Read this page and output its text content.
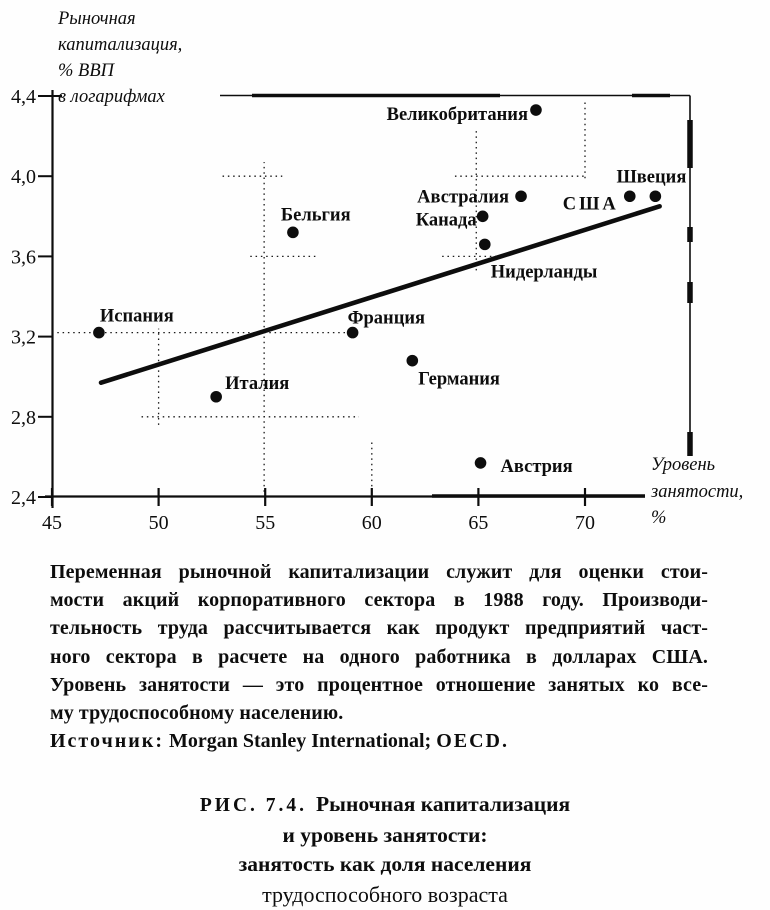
Рыночная
капитализация,
% ВВП
в логарифмах
2,4
2,8
3,2
3,6
4,0
4,4
45	50	55	60	65	70
Испания
Италия
Франция
Германия
Австрия
Бельгия
Нидерланды
Канада
Австралия
Великобритания
США
Швеция
Уровень
занятости,
%
Переменная рыночной капитализации служит для оценки стои-
мости акций корпоративного сектора в 1988 году. Производи-
тельность труда рассчитывается как продукт предприятий част-
ного сектора в расчете на одного работника в долларах США.
Уровень занятости — это процентное отношение занятых ко все-
му трудоспособному населению.
Источник: Morgan Stanley International; OECD.
РИС. 7.4. Рыночная капитализация
и уровень занятости:
занятость как доля населения
трудоспособного возраста
